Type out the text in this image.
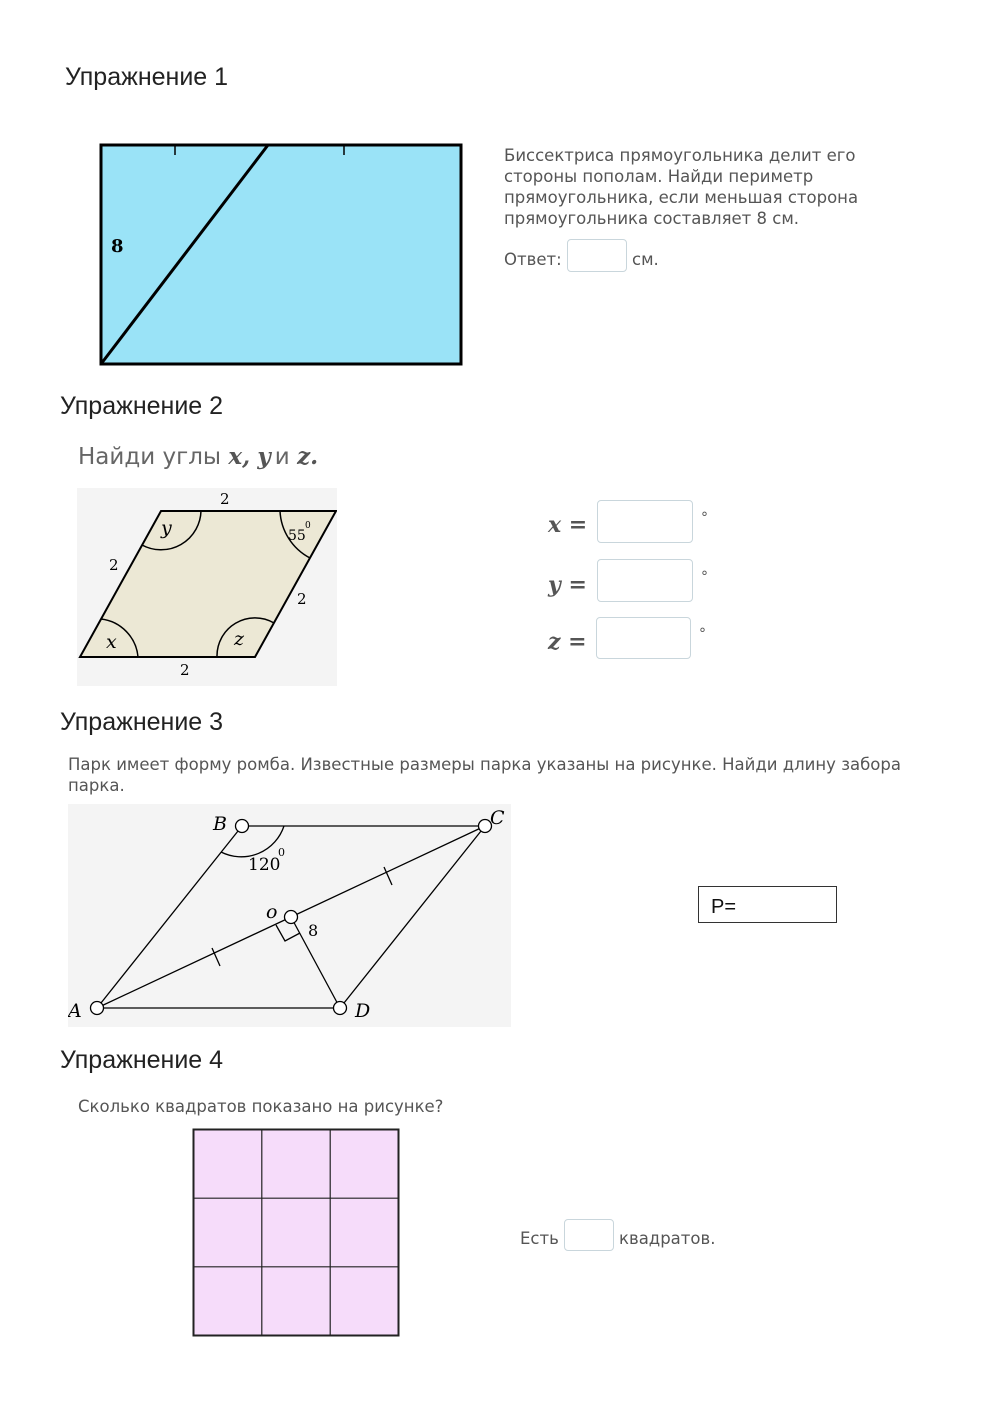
Упражнение 1
8
Биссектриса прямоугольника делит его стороны пополам. Найди периметр прямоугольника, если меньшая сторона прямоугольника составляет 8 см.
Ответ:	см.
Упражнение 2
Найди углы x, y и z.
2
2
2
2
y
x	z
55
0	x =	°
y =	°
z =	°
Упражнение 3
Парк имеет форму ромба. Известные размеры парка указаны на рисунке. Найди длину забора парка.
A
B	C
D
o
120
0
8
P=
Упражнение 4
Сколько квадратов показано на рисунке?
Есть	квадратов.
